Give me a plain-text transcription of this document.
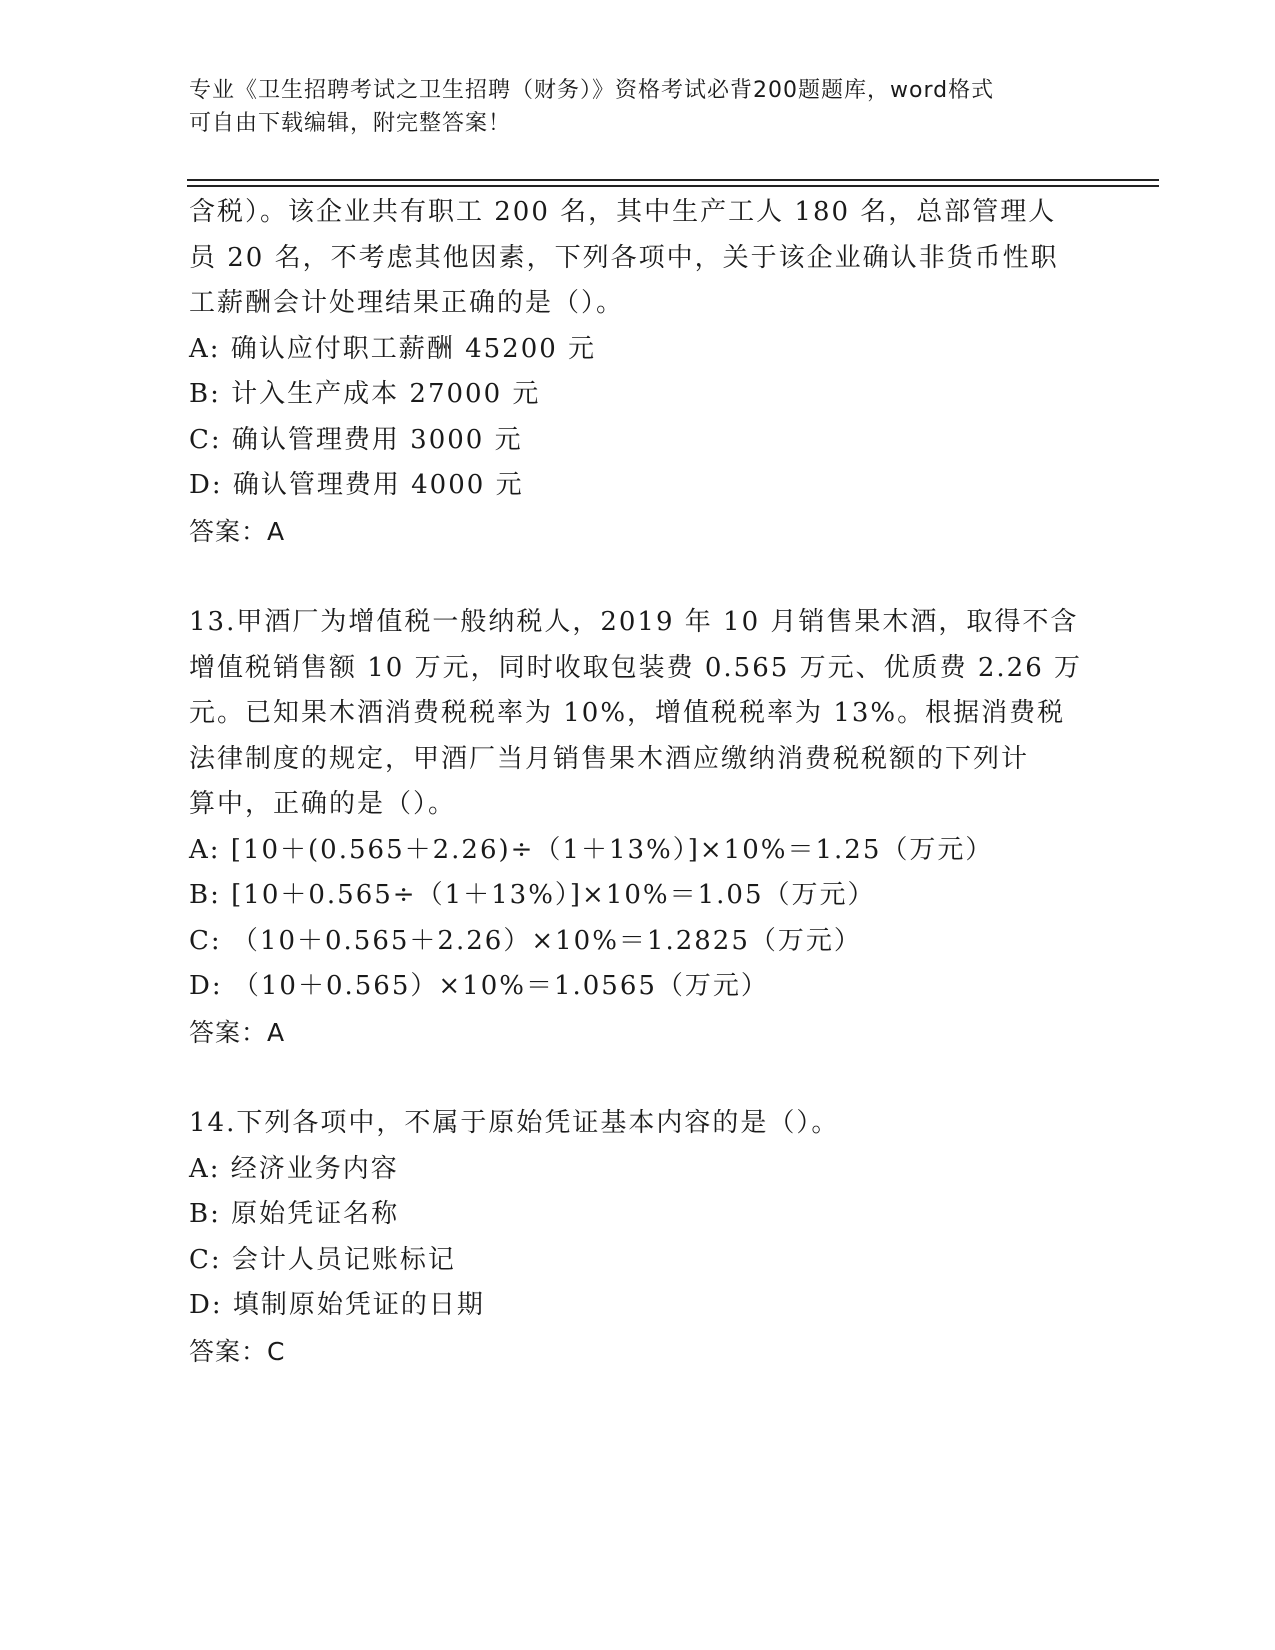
专业《卫生招聘考试之卫生招聘（财务）》资格考试必背200题题库，word格式
可自由下载编辑，附完整答案！
含税）。该企业共有职工 200 名，其中生产工人 180 名，总部管理人
员 20 名，不考虑其他因素，下列各项中，关于该企业确认非货币性职
工薪酬会计处理结果正确的是（）。
A: 确认应付职工薪酬 45200 元
B: 计入生产成本 27000 元
C: 确认管理费用 3000 元
D: 确认管理费用 4000 元
答案：A
13.甲酒厂为增值税一般纳税人，2019 年 10 月销售果木酒，取得不含
增值税销售额 10 万元，同时收取包装费 0.565 万元、优质费 2.26 万
元。已知果木酒消费税税率为 10%，增值税税率为 13%。根据消费税
法律制度的规定，甲酒厂当月销售果木酒应缴纳消费税税额的下列计
算中，正确的是（）。
A: [10＋(0.565＋2.26)÷（1＋13%）]×10%＝1.25（万元）
B: [10＋0.565÷（1＋13%）]×10%＝1.05（万元）
C: （10＋0.565＋2.26）×10%＝1.2825（万元）
D: （10＋0.565）×10%＝1.0565（万元）
答案：A
14.下列各项中，不属于原始凭证基本内容的是（）。
A: 经济业务内容
B: 原始凭证名称
C: 会计人员记账标记
D: 填制原始凭证的日期
答案：C
